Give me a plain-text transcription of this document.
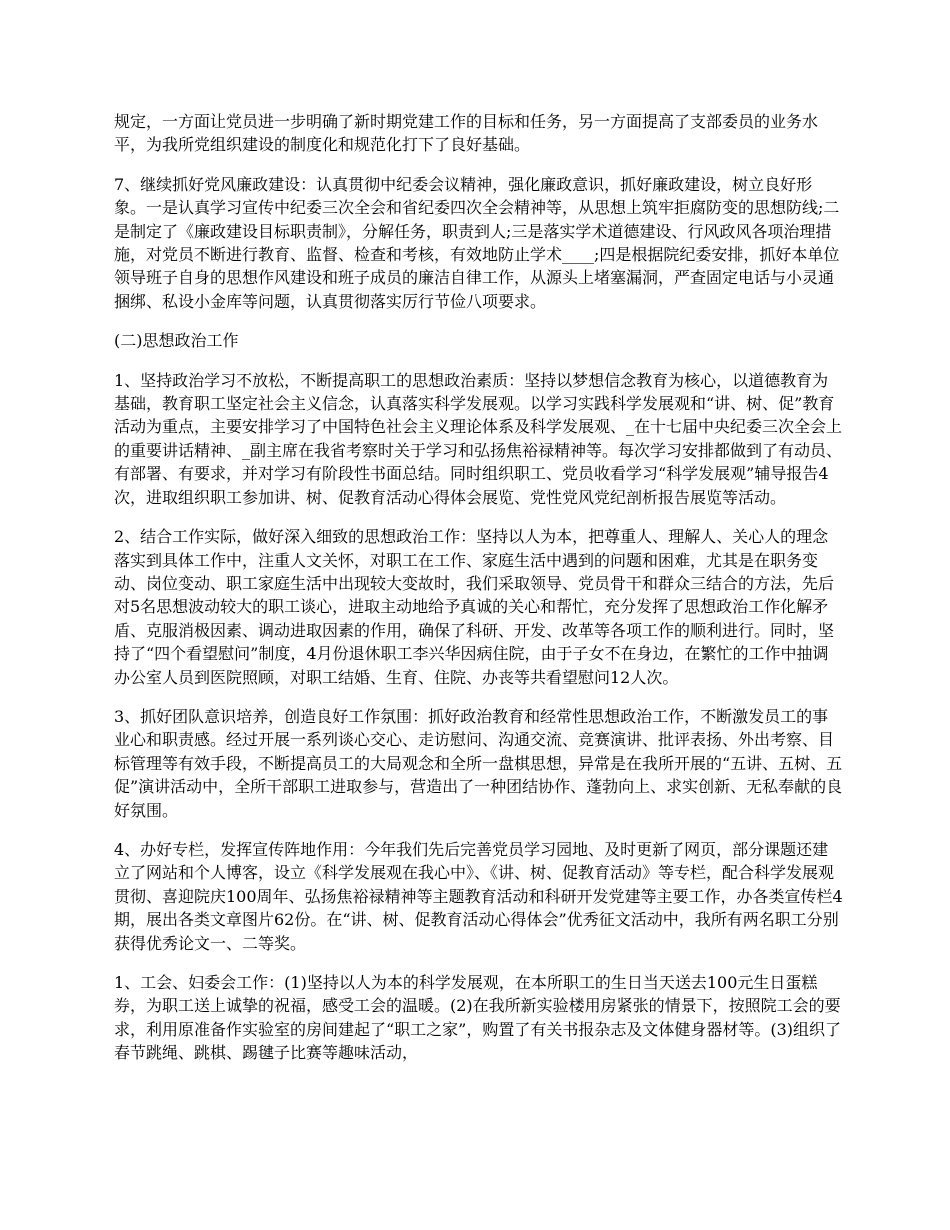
规定，一方面让党员进一步明确了新时期党建工作的目标和任务，另一方面提高了支部委员的业务水平，为我所党组织建设的制度化和规范化打下了良好基础。

7、继续抓好党风廉政建设：认真贯彻中纪委会议精神，强化廉政意识，抓好廉政建设，树立良好形象。一是认真学习宣传中纪委三次全会和省纪委四次全会精神等，从思想上筑牢拒腐防变的思想防线;二是制定了《廉政建设目标职责制》，分解任务，职责到人;三是落实学术道德建设、行风政风各项治理措施，对党员不断进行教育、监督、检查和考核，有效地防止学术____;四是根据院纪委安排，抓好本单位领导班子自身的思想作风建设和班子成员的廉洁自律工作，从源头上堵塞漏洞，严查固定电话与小灵通捆绑、私设小金库等问题，认真贯彻落实厉行节俭八项要求。

(二)思想政治工作

1、坚持政治学习不放松，不断提高职工的思想政治素质：坚持以梦想信念教育为核心，以道德教育为基础，教育职工坚定社会主义信念，认真落实科学发展观。以学习实践科学发展观和“讲、树、促”教育活动为重点，主要安排学习了中国特色社会主义理论体系及科学发展观、_在十七届中央纪委三次全会上的重要讲话精神、_副主席在我省考察时关于学习和弘扬焦裕禄精神等。每次学习安排都做到了有动员、有部署、有要求，并对学习有阶段性书面总结。同时组织职工、党员收看学习“科学发展观”辅导报告4次，进取组织职工参加讲、树、促教育活动心得体会展览、党性党风党纪剖析报告展览等活动。

2、结合工作实际，做好深入细致的思想政治工作：坚持以人为本，把尊重人、理解人、关心人的理念落实到具体工作中，注重人文关怀，对职工在工作、家庭生活中遇到的问题和困难，尤其是在职务变动、岗位变动、职工家庭生活中出现较大变故时，我们采取领导、党员骨干和群众三结合的方法，先后对5名思想波动较大的职工谈心，进取主动地给予真诚的关心和帮忙，充分发挥了思想政治工作化解矛盾、克服消极因素、调动进取因素的作用，确保了科研、开发、改革等各项工作的顺利进行。同时，坚持了“四个看望慰问”制度，4月份退休职工李兴华因病住院，由于子女不在身边，在繁忙的工作中抽调办公室人员到医院照顾，对职工结婚、生育、住院、办丧等共看望慰问12人次。

3、抓好团队意识培养，创造良好工作氛围：抓好政治教育和经常性思想政治工作，不断激发员工的事业心和职责感。经过开展一系列谈心交心、走访慰问、沟通交流、竞赛演讲、批评表扬、外出考察、目标管理等有效手段，不断提高员工的大局观念和全所一盘棋思想，异常是在我所开展的“五讲、五树、五促”演讲活动中，全所干部职工进取参与，营造出了一种团结协作、蓬勃向上、求实创新、无私奉献的良好氛围。

4、办好专栏，发挥宣传阵地作用：今年我们先后完善党员学习园地、及时更新了网页，部分课题还建立了网站和个人博客，设立《科学发展观在我心中》、《讲、树、促教育活动》等专栏，配合科学发展观贯彻、喜迎院庆100周年、弘扬焦裕禄精神等主题教育活动和科研开发党建等主要工作，办各类宣传栏4期，展出各类文章图片62份。在“讲、树、促教育活动心得体会”优秀征文活动中，我所有两名职工分别获得优秀论文一、二等奖。

1、工会、妇委会工作：(1)坚持以人为本的科学发展观，在本所职工的生日当天送去100元生日蛋糕券，为职工送上诚挚的祝福，感受工会的温暖。(2)在我所新实验楼用房紧张的情景下，按照院工会的要求，利用原准备作实验室的房间建起了“职工之家”，购置了有关书报杂志及文体健身器材等。(3)组织了春节跳绳、跳棋、踢毽子比赛等趣味活动，
